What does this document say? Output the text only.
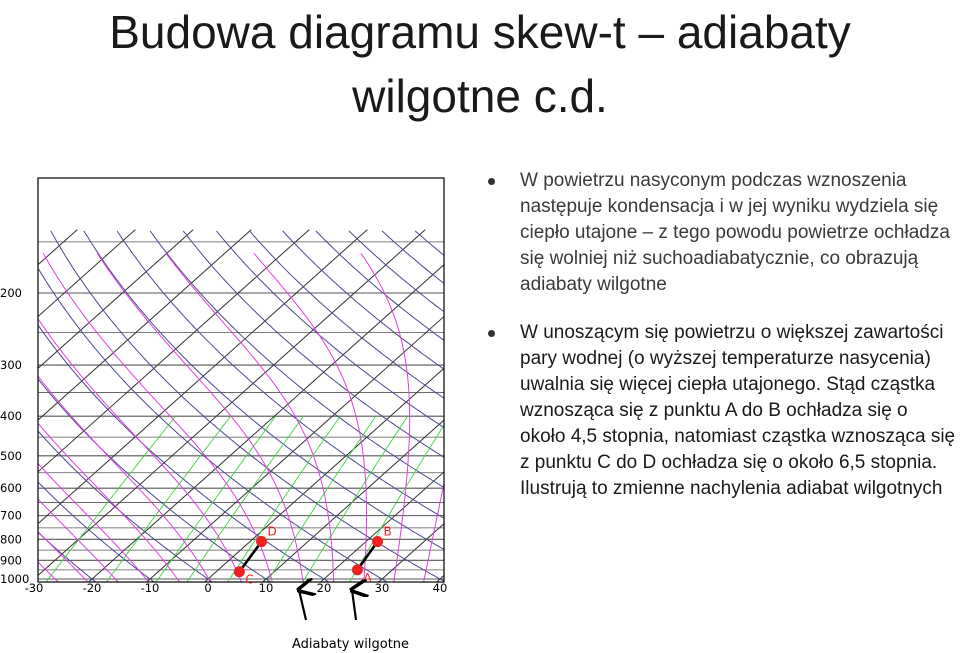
Budowa diagramu skew-t – adiabaty
wilgotne c.d.
200
300
400
500
600
700
800
900
1000
-30	-20	-10	0	10	20	30	40
D
C
B
A
Adiabaty wilgotne
W powietrzu nasyconym podczas wznoszenia następuje kondensacja i w jej wyniku wydziela się ciepło utajone – z tego powodu powietrze ochładza się wolniej niż suchoadiabatycznie, co obrazują adiabaty wilgotne
W unoszącym się powietrzu o większej zawartości pary wodnej (o wyższej temperaturze nasycenia) uwalnia się więcej ciepła utajonego. Stąd cząstka wznosząca się z punktu A do B ochładza się o około 4,5 stopnia, natomiast cząstka wznosząca się z punktu C do D ochładza się o około 6,5 stopnia. Ilustrują to zmienne nachylenia adiabat wilgotnych
